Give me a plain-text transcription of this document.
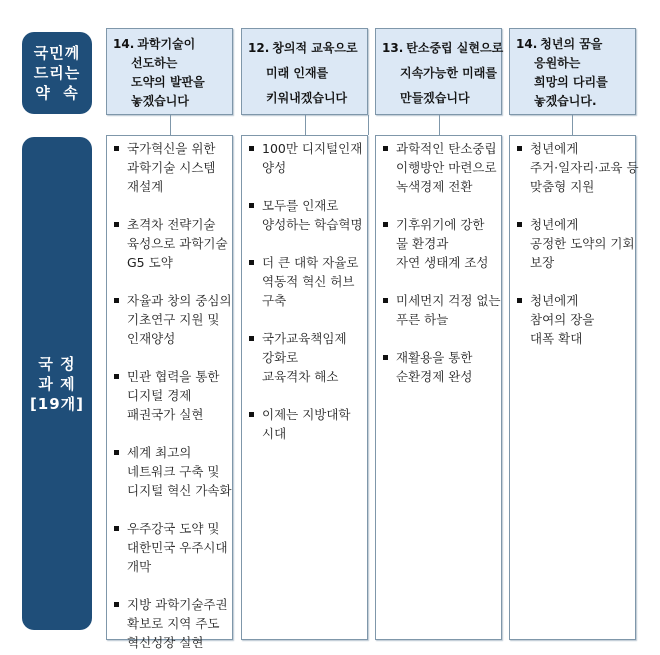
국민께
드리는
약  속
국 정
과 제
[19개]
14. 과학기술이
선도하는
도약의 발판을
놓겠습니다
국가혁신을 위한
과학기술 시스템
재설계
초격차 전략기술
육성으로 과학기술
G5 도약
자율과 창의 중심의
기초연구 지원 및
인재양성
민관 협력을 통한
디지털 경제
패권국가 실현
세계 최고의
네트워크 구축 및
디지털 혁신 가속화
우주강국 도약 및
대한민국 우주시대
개막
지방 과학기술주권
확보로 지역 주도
혁신성장 실현
12. 창의적 교육으로
미래 인재를
키워내겠습니다
100만 디지털인재
양성
모두를 인재로
양성하는 학습혁명
더 큰 대학 자율로
역동적 혁신 허브
구축
국가교육책임제
강화로
교육격차 해소
이제는 지방대학
시대
13. 탄소중립 실현으로
지속가능한 미래를
만들겠습니다
과학적인 탄소중립
이행방안 마련으로
녹색경제 전환
기후위기에 강한
물 환경과
자연 생태계 조성
미세먼지 걱정 없는
푸른 하늘
재활용을 통한
순환경제 완성
14. 청년의 꿈을
응원하는
희망의 다리를
놓겠습니다.
청년에게
주거·일자리·교육 등
맞춤형 지원
청년에게
공정한 도약의 기회
보장
청년에게
참여의 장을
대폭 확대
